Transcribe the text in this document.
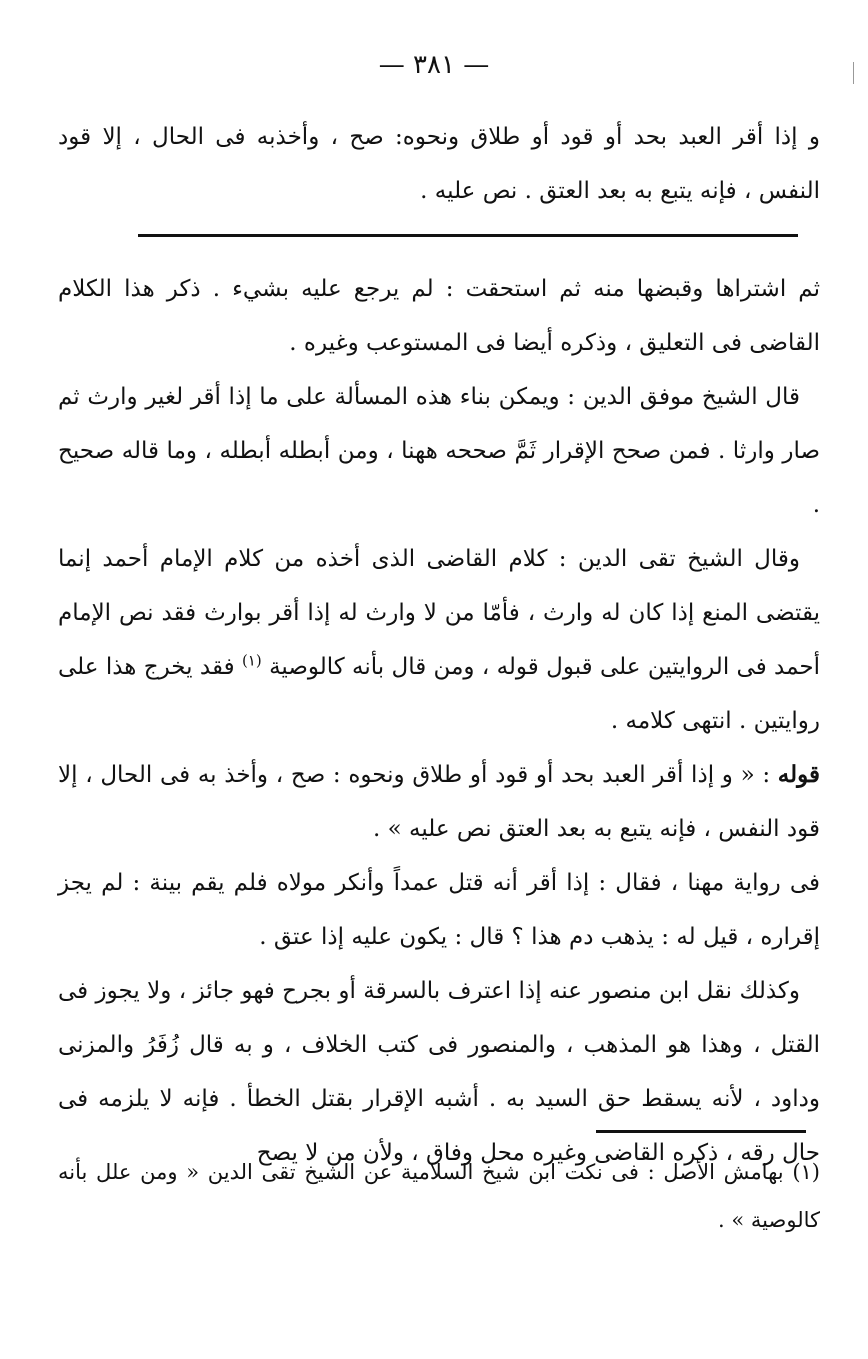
— ٣٨١ —

و إذا أقر العبد بحد أو قود أو طلاق ونحوه: صح ، وأخذبه فى الحال ، إلا قود النفس ، فإنه يتبع به بعد العتق . نص عليه .

ثم اشتراها وقبضها منه ثم استحقت : لم يرجع عليه بشيء . ذكر هذا الكلام القاضى فى التعليق ، وذكره أيضا فى المستوعب وغيره .

قال الشيخ موفق الدين : ويمكن بناء هذه المسألة على ما إذا أقر لغير وارث ثم صار وارثا . فمن صحح الإقرار ثَمَّ صححه ههنا ، ومن أبطله أبطله ، وما قاله صحيح .

وقال الشيخ تقى الدين : كلام القاضى الذى أخذه من كلام الإمام أحمد إنما يقتضى المنع إذا كان له وارث ، فأمّا من لا وارث له إذا أقر بوارث فقد نص الإمام أحمد فى الروايتين على قبول قوله ، ومن قال بأنه كالوصية $^{(١)}$ فقد يخرج هذا على روايتين . انتهى كلامه .

قوله : « و إذا أقر العبد بحد أو قود أو طلاق ونحوه : صح ، وأخذ به فى الحال ، إلا قود النفس ، فإنه يتبع به بعد العتق نص عليه » .

فى رواية مهنا ، فقال : إذا أقر أنه قتل عمداً وأنكر مولاه فلم يقم بينة : لم يجز إقراره ، قيل له : يذهب دم هذا ؟ قال : يكون عليه إذا عتق .

وكذلك نقل ابن منصور عنه إذا اعترف بالسرقة أو بجرح فهو جائز ، ولا يجوز فى القتل ، وهذا هو المذهب ، والمنصور فى كتب الخلاف ، و به قال زُفَرُ والمزنى وداود ، لأنه يسقط حق السيد به . أشبه الإقرار بقتل الخطأ . فإنه لا يلزمه فى حال رقه ، ذكره القاضى وغيره محل وفاق ، ولأن من لا يصح

(١) بهامش الأصل : فى نكت ابن شيخ السلامية عن الشيخ تقى الدين « ومن علل بأنه كالوصية » .
